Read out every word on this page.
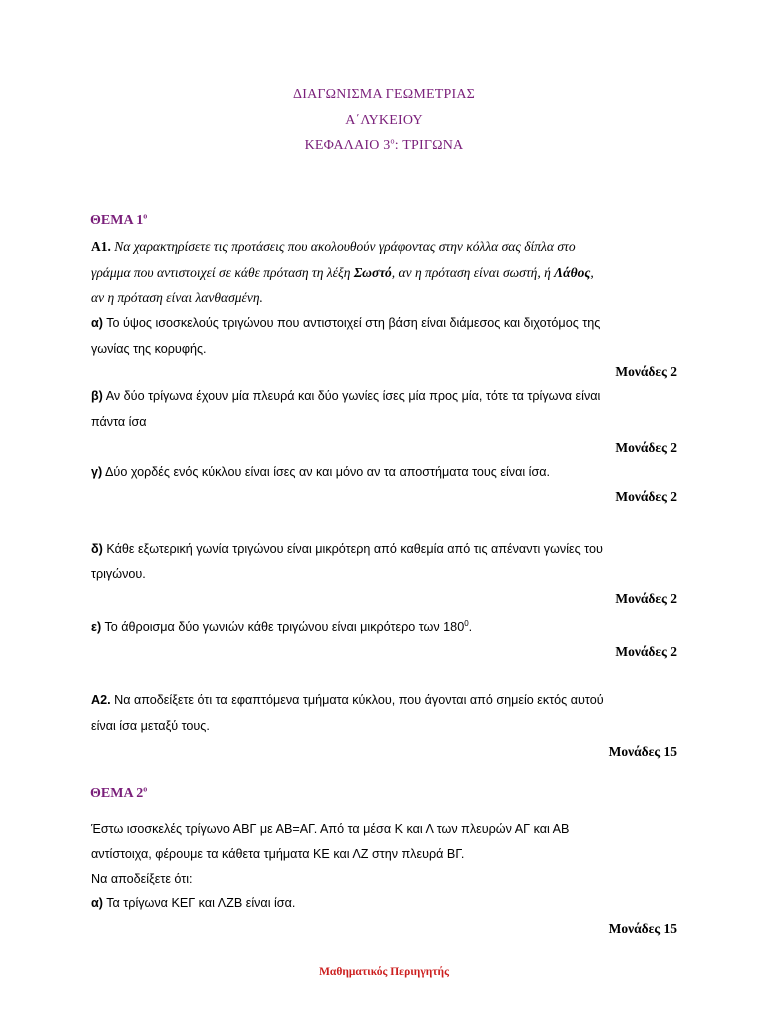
ΔΙΑΓΩΝΙΣΜΑ ΓΕΩΜΕΤΡΙΑΣ
Α΄ΛΥΚΕΙΟΥ
ΚΕΦΑΛΑΙΟ $3^o$: ΤΡΙΓΩΝΑ
ΘΕΜΑ $1^o$
Α1. Να χαρακτηρίσετε τις προτάσεις που ακολουθούν γράφοντας στην κόλλα σας δίπλα στο
γράμμα που αντιστοιχεί σε κάθε πρόταση τη λέξη Σωστό, αν η πρόταση είναι σωστή, ή Λάθος,
αν η πρόταση είναι λανθασμένη.
α) Το ύψος ισοσκελούς τριγώνου που αντιστοιχεί στη βάση είναι διάμεσος και διχοτόμος της
γωνίας της κορυφής.
Μονάδες 2
β) Αν δύο τρίγωνα έχουν μία πλευρά και δύο γωνίες ίσες μία προς μία, τότε τα τρίγωνα είναι
πάντα ίσα
Μονάδες 2
γ) Δύο χορδές ενός κύκλου είναι ίσες αν και μόνο αν τα αποστήματα τους είναι ίσα.
Μονάδες 2
δ) Κάθε εξωτερική γωνία τριγώνου είναι μικρότερη από καθεμία από τις απέναντι γωνίες του
τριγώνου.
Μονάδες 2
ε) Το άθροισμα δύο γωνιών κάθε τριγώνου είναι μικρότερο των $180^0$.
Μονάδες 2
Α2. Να αποδείξετε ότι τα εφαπτόμενα τμήματα κύκλου, που άγονται από σημείο εκτός αυτού
είναι ίσα μεταξύ τους.
Μονάδες 15
ΘΕΜΑ $2^o$
Έστω ισοσκελές τρίγωνο ΑΒΓ με ΑΒ=ΑΓ. Από τα μέσα Κ και Λ των πλευρών ΑΓ και ΑΒ
αντίστοιχα, φέρουμε τα κάθετα τμήματα ΚΕ και ΛΖ στην πλευρά ΒΓ.
Να αποδείξετε ότι:
α) Τα τρίγωνα ΚΕΓ και ΛΖΒ είναι ίσα.
Μονάδες 15
Μαθηματικός Περιηγητής
